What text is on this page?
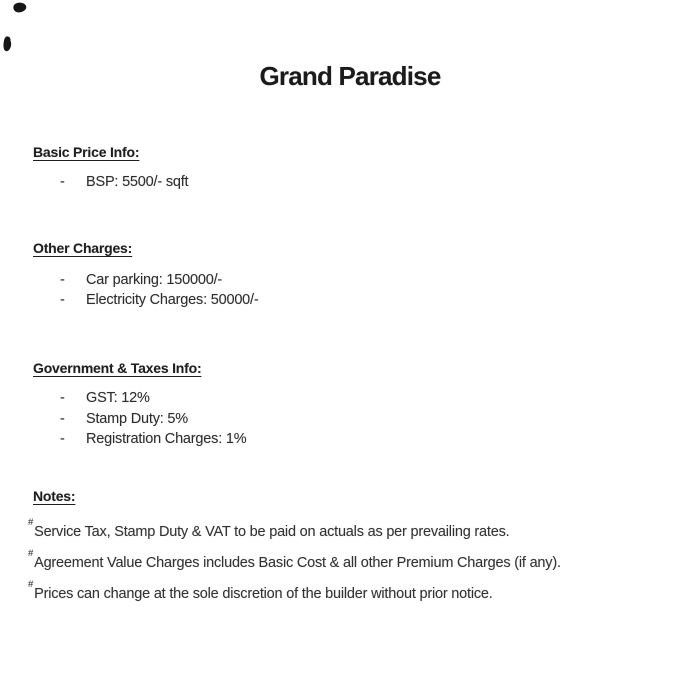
Grand Paradise
Basic Price Info:
-	BSP: 5500/- sqft
Other Charges:
-	Car parking: 150000/-
-	Electricity Charges: 50000/-
Government & Taxes Info:
-	GST: 12%
-	Stamp Duty: 5%
-	Registration Charges: 1%
Notes:
#Service Tax, Stamp Duty & VAT to be paid on actuals as per prevailing rates.
#Agreement Value Charges includes Basic Cost & all other Premium Charges (if any).
#Prices can change at the sole discretion of the builder without prior notice.
